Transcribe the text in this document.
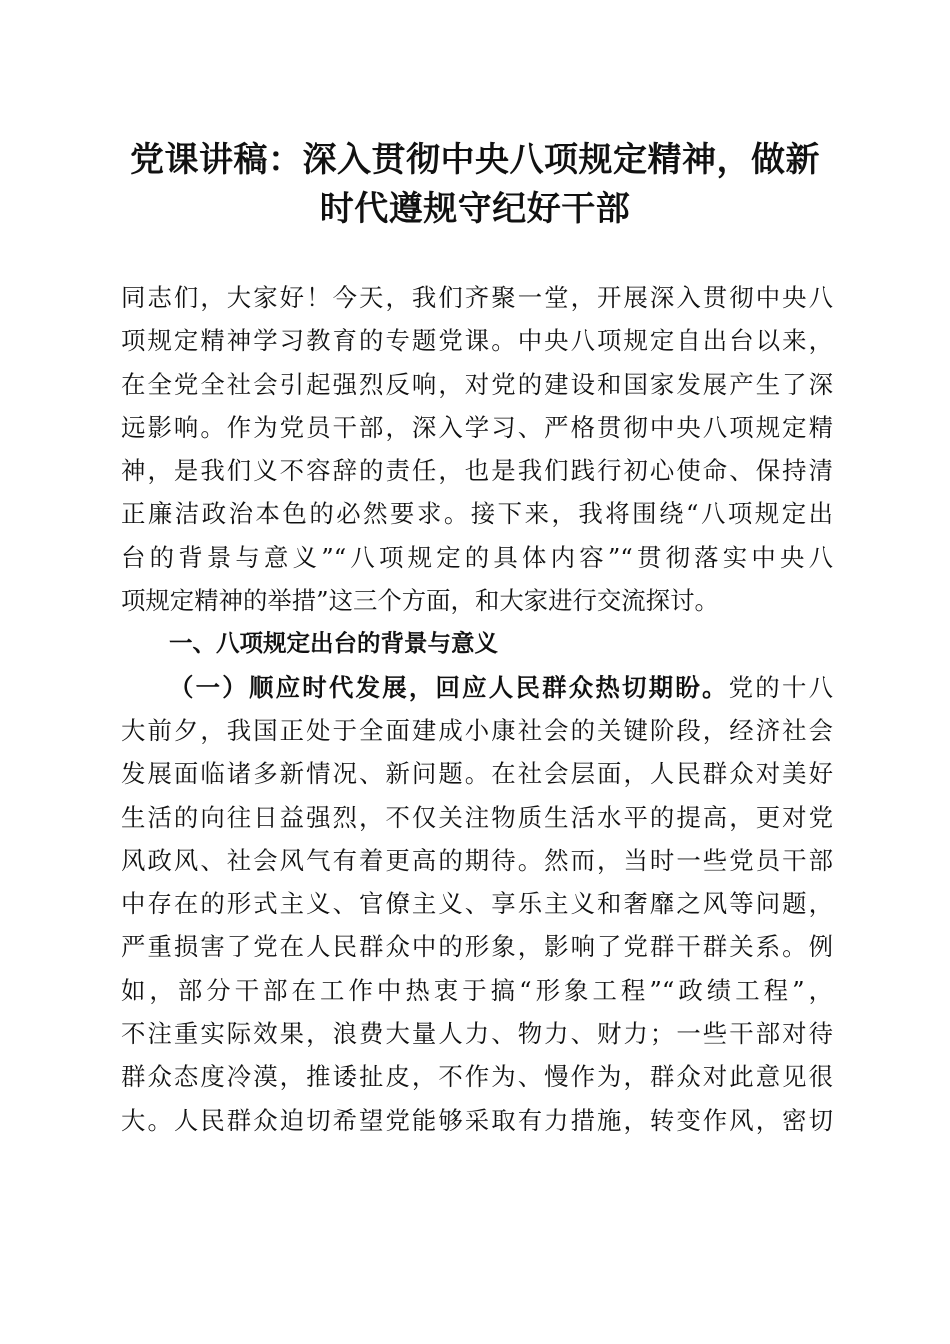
党课讲稿：深入贯彻中央八项规定精神，做新
时代遵规守纪好干部
同志们，大家好！今天，我们齐聚一堂，开展深入贯彻中央八
项规定精神学习教育的专题党课。中央八项规定自出台以来，
在全党全社会引起强烈反响，对党的建设和国家发展产生了深
远影响。作为党员干部，深入学习、严格贯彻中央八项规定精
神，是我们义不容辞的责任，也是我们践行初心使命、保持清
正廉洁政治本色的必然要求。接下来，我将围绕“八项规定出
台的背景与意义”“八项规定的具体内容”“贯彻落实中央八
项规定精神的举措”这三个方面，和大家进行交流探讨。
一、八项规定出台的背景与意义
（一）顺应时代发展，回应人民群众热切期盼。党的十八
大前夕，我国正处于全面建成小康社会的关键阶段，经济社会
发展面临诸多新情况、新问题。在社会层面，人民群众对美好
生活的向往日益强烈，不仅关注物质生活水平的提高，更对党
风政风、社会风气有着更高的期待。然而，当时一些党员干部
中存在的形式主义、官僚主义、享乐主义和奢靡之风等问题，
严重损害了党在人民群众中的形象，影响了党群干群关系。例
如，部分干部在工作中热衷于搞“形象工程”“政绩工程”，
不注重实际效果，浪费大量人力、物力、财力；一些干部对待
群众态度冷漠，推诿扯皮，不作为、慢作为，群众对此意见很
大。人民群众迫切希望党能够采取有力措施，转变作风，密切
